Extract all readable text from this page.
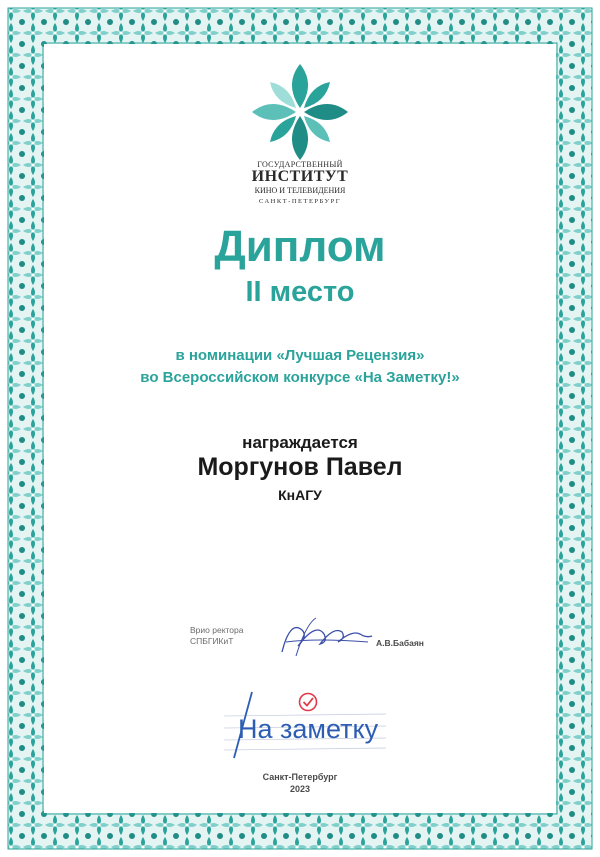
ГОСУДАРСТВЕННЫЙ
ИНСТИТУТ
КИНО И ТЕЛЕВИДЕНИЯ
САНКТ-ПЕТЕРБУРГ
Диплом
II место
в номинации «Лучшая Рецензия»
во Всероссийском конкурсе «На Заметку!»
награждается
Моргунов Павел
КнАГУ
Врио ректора
СПБГИКиТ	А.В.Бабаян
На заметку
Санкт-Петербург
2023
